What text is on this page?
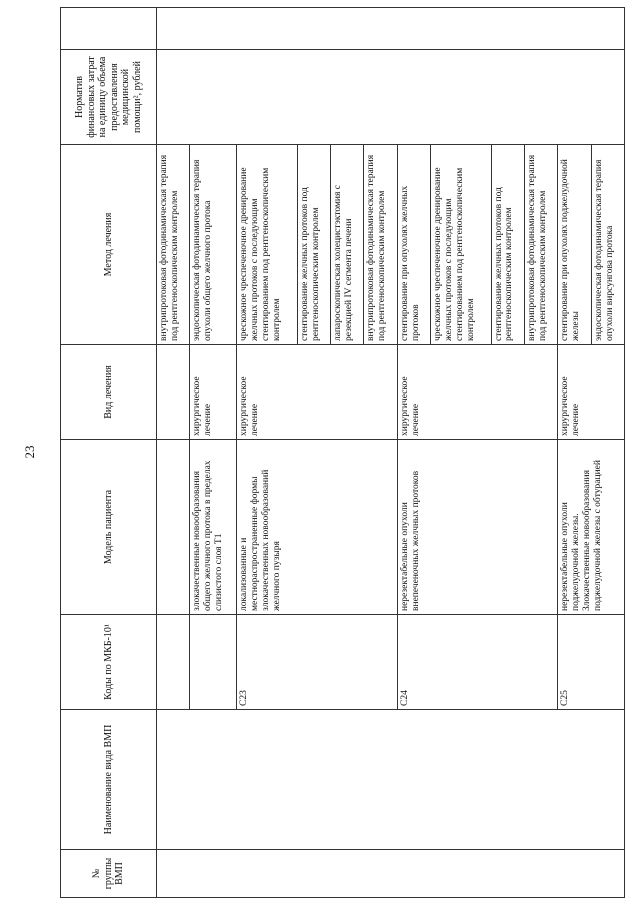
23
№ группы ВМП	Наименование вида ВМП	Коды по МКБ-10¹	Модель пациента	Вид лечения	Метод лечения	Норматив финансовых затрат на единицу объема предоставления медицинской помощи², рублей	
					внутрипротоковая фотодинамическая терапия под рентгеноскопическим контролем		
			злокачественные новообразования общего желчного протока в пределах слизистого слоя Т1	хирургическое лечение	эндоскопическая фотодинамическая терапия опухоли общего желчного протока		
		C23	локализованные и местнораспространенные формы злокачественных новообразований желчного пузыря	хирургическое лечение	чрескожное чреспеченочное дренирование желчных протоков с последующим стентированием под рентгеноскопическим контролем		
					стентирование желчных протоков под рентгеноскопическим контролем		
					лапароскопическая холецистэктомия с резекцией IV сегмента печени		
					внутрипротоковая фотодинамическая терапия под рентгеноскопическим контролем		
		C24	нерезектабельные опухоли внепеченочных желчных протоков	хирургическое лечение	стентирование при опухолях желчных протоков		
					чрескожное чреспеченочное дренирование желчных протоков с последующим стентированием под рентгеноскопическим контролем		
					стентирование желчных протоков под рентгеноскопическим контролем		
					внутрипротоковая фотодинамическая терапия под рентгеноскопическим контролем		
		C25	нерезектабельные опухоли поджелудочной железы. Злокачественные новообразования поджелудочной железы с обтурацией	хирургическое лечение	стентирование при опухолях поджелудочной железы		
					эндоскопическая фотодинамическая терапия опухоли вирсунгова протока		
